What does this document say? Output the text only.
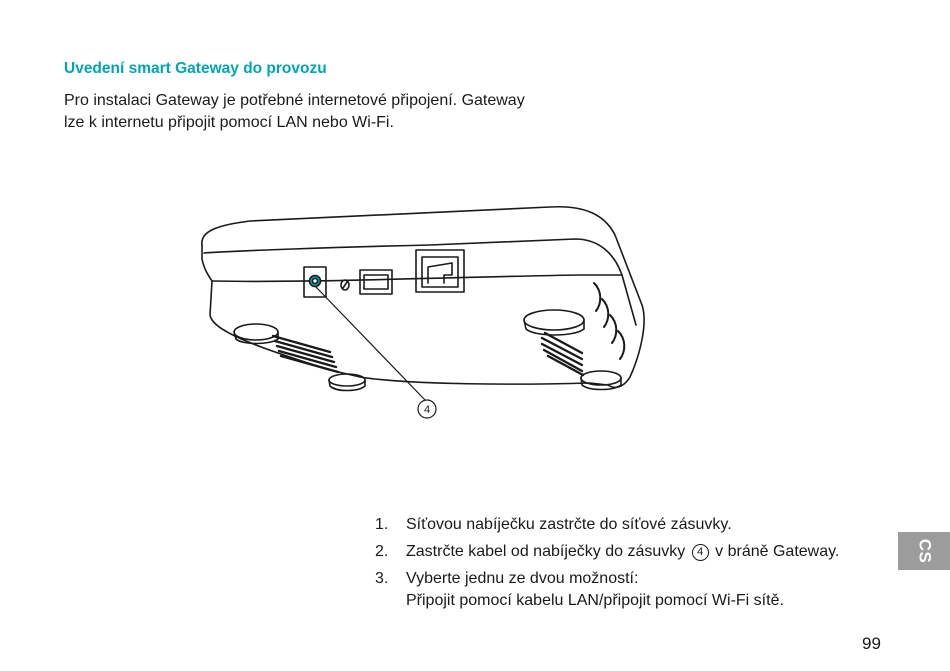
Uvedení smart Gateway do provozu

Pro instalaci Gateway je potřebné internetové připojení. Gateway
lze k internetu připojit pomocí LAN nebo Wi-Fi.

4
1. Síťovou nabíječku zastrčte do síťové zásuvky.
2. Zastrčte kabel od nabíječky do zásuvky 4 v bráně Gateway.
3. Vyberte jednu ze dvou možností:
Připojit pomocí kabelu LAN/připojit pomocí Wi-Fi sítě.
CS
99
